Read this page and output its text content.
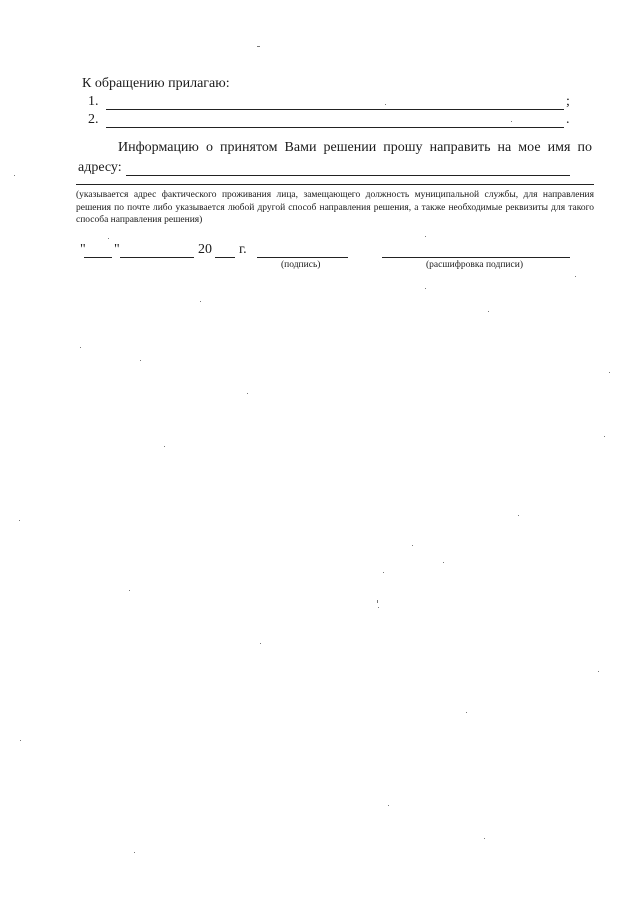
К обращению прилагаю:
1.	;
2.	.
Информацию о принятом Вами решении прошу направить на мое имя по
адресу:
(указывается адрес фактического проживания лица, замещающего должность муниципальной службы, для направления решения по почте либо указывается любой другой способ направления решения, а также необходимые реквизиты для такого способа направления решения)
" "	20 г.
(подпись)	(расшифровка подписи)
